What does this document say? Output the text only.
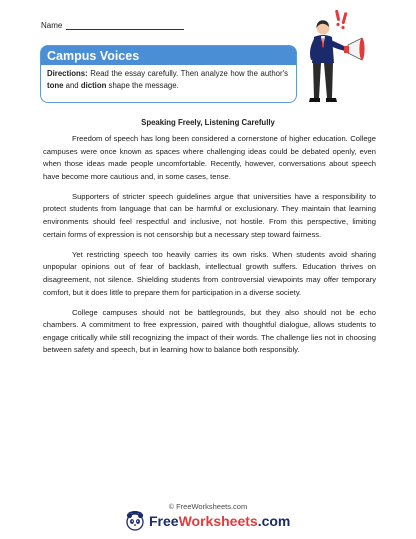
Name
Campus Voices
Directions: Read the essay carefully. Then analyze how the author's tone and diction shape the message.
Speaking Freely, Listening Carefully

Freedom of speech has long been considered a cornerstone of higher education. College campuses were once known as spaces where challenging ideas could be debated openly, even when those ideas made people uncomfortable. Recently, however, conversations about speech have become more cautious and, in some cases, tense.

Supporters of stricter speech guidelines argue that universities have a responsibility to protect students from language that can be harmful or exclusionary. They maintain that learning environments should feel respectful and inclusive, not hostile. From this perspective, limiting certain forms of expression is not censorship but a necessary step toward fairness.

Yet restricting speech too heavily carries its own risks. When students avoid sharing unpopular opinions out of fear of backlash, intellectual growth suffers. Education thrives on disagreement, not silence. Shielding students from controversial viewpoints may offer temporary comfort, but it does little to prepare them for participation in a diverse society.

College campuses should not be battlegrounds, but they also should not be echo chambers. A commitment to free expression, paired with thoughtful dialogue, allows students to engage critically while still recognizing the impact of their words. The challenge lies not in choosing between safety and speech, but in learning how to balance both responsibly.

© FreeWorksheets.com
FreeWorksheets.com
